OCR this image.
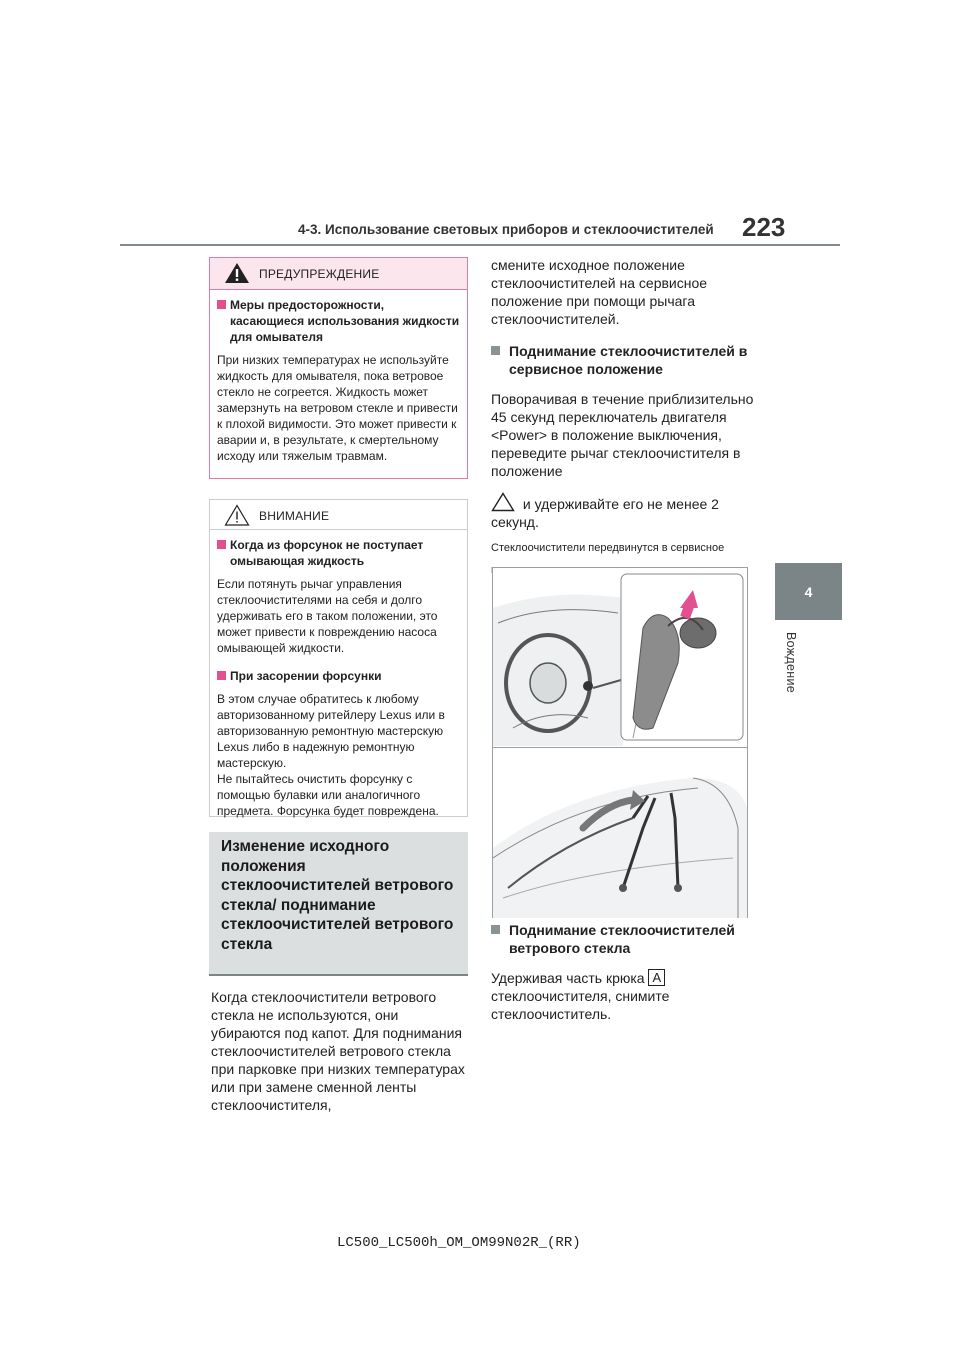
4-3. Использование световых приборов и стеклоочистителей 223
4
Вождение
ПРЕДУПРЕЖДЕНИЕ
Меры предосторожности, касающиеся использования жидкости для омывателя
При низких температурах не используйте жидкость для омывателя, пока ветровое стекло не согреется. Жидкость может замерзнуть на ветровом стекле и привести к плохой видимости. Это может привести к аварии и, в результате, к смертельному исходу или тяжелым травмам.
ВНИМАНИЕ
Когда из форсунок не поступает омывающая жидкость
Если потянуть рычаг управления стеклоочистителями на себя и долго удерживать его в таком положении, это может привести к повреждению насоса омывающей жидкости.
При засорении форсунки
В этом случае обратитесь к любому авторизованному ритейлеру Lexus или в авторизованную ремонтную мастерскую Lexus либо в надежную ремонтную мастерскую.
Не пытайтесь очистить форсунку с помощью булавки или аналогичного предмета. Форсунка будет повреждена.
Изменение исходного положения стеклоочистителей ветрового стекла/ поднимание стеклоочистителей ветрового стекла
Когда стеклоочистители ветрового стекла не используются, они убираются под капот. Для поднимания стеклоочистителей ветрового стекла при парковке при низких температурах или при замене сменной ленты стеклоочистителя,
смените исходное положение стеклоочистителей на сервисное положение при помощи рычага стеклоочистителей.
Поднимание стеклоочистителей в сервисное положение
Поворачивая в течение приблизительно 45 секунд переключатель двигателя <Power> в положение выключения, переведите рычаг стеклоочистителя в положение
и удерживайте его не менее 2 секунд.
Стеклоочистители передвинутся в сервисное
Поднимание стеклоочистителей ветрового стекла
Удерживая часть крюка A стеклоочистителя, снимите стеклоочиститель.
LC500_LC500h_OM_OM99N02R_(RR)
